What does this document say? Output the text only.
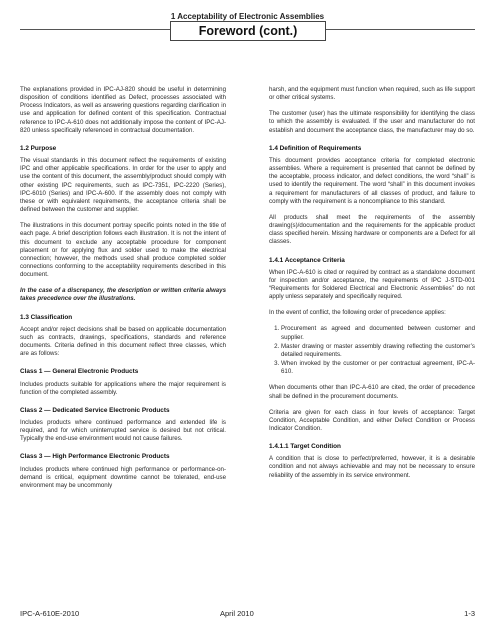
1 Acceptability of Electronic Assemblies
Foreword (cont.)

The explanations provided in IPC-AJ-820 should be useful in determining disposition of conditions identified as Defect, processes associated with Process Indicators, as well as answering questions regarding clarification in use and application for defined content of this specification. Contractual reference to IPC-A-610 does not additionally impose the content of IPC-AJ-820 unless specifically referenced in contractual documentation.

1.2 Purpose

The visual standards in this document reflect the requirements of existing IPC and other applicable specifications. In order for the user to apply and use the content of this document, the assembly/product should comply with other existing IPC requirements, such as IPC-7351, IPC-2220 (Series), IPC-6010 (Series) and IPC-A-600. If the assembly does not comply with these or with equivalent requirements, the acceptance criteria shall be defined between the customer and supplier.

The illustrations in this document portray specific points noted in the title of each page. A brief description follows each illustration. It is not the intent of this document to exclude any acceptable procedure for component placement or for applying flux and solder used to make the electrical connection; however, the methods used shall produce completed solder connections conforming to the acceptability requirements described in this document.

In the case of a discrepancy, the description or written criteria always takes precedence over the illustrations.

1.3 Classification

Accept and/or reject decisions shall be based on applicable documentation such as contracts, drawings, specifications, standards and reference documents. Criteria defined in this document reflect three classes, which are as follows:

Class 1 — General Electronic Products

Includes products suitable for applications where the major requirement is function of the completed assembly.

Class 2 — Dedicated Service Electronic Products

Includes products where continued performance and extended life is required, and for which uninterrupted service is desired but not critical. Typically the end-use environment would not cause failures.

Class 3 — High Performance Electronic Products

Includes products where continued high performance or performance-on-demand is critical, equipment downtime cannot be tolerated, end-use environment may be uncommonly

harsh, and the equipment must function when required, such as life support or other critical systems.

The customer (user) has the ultimate responsibility for identifying the class to which the assembly is evaluated. If the user and manufacturer do not establish and document the acceptance class, the manufacturer may do so.

1.4 Definition of Requirements

This document provides acceptance criteria for completed electronic assemblies. Where a requirement is presented that cannot be defined by the acceptable, process indicator, and defect conditions, the word “shall” is used to identify the requirement. The word “shall” in this document invokes a requirement for manufacturers of all classes of product, and failure to comply with the requirement is a noncompliance to this standard.

All products shall meet the requirements of the assembly drawing(s)/documentation and the requirements for the applicable product class specified herein. Missing hardware or components are a Defect for all classes.

1.4.1 Acceptance Criteria

When IPC-A-610 is cited or required by contract as a standalone document for inspection and/or acceptance, the requirements of IPC J-STD-001 “Requirements for Soldered Electrical and Electronic Assemblies” do not apply unless separately and specifically required.

In the event of conflict, the following order of precedence applies:

1. Procurement as agreed and documented between customer and supplier.
2. Master drawing or master assembly drawing reflecting the customer’s detailed requirements.
3. When invoked by the customer or per contractual agreement, IPC-A-610.

When documents other than IPC-A-610 are cited, the order of precedence shall be defined in the procurement documents.

Criteria are given for each class in four levels of acceptance: Target Condition, Acceptable Condition, and either Defect Condition or Process Indicator Condition.

1.4.1.1 Target Condition

A condition that is close to perfect/preferred, however, it is a desirable condition and not always achievable and may not be necessary to ensure reliability of the assembly in its service environment.

IPC-A-610E-2010	April 2010	1-3
